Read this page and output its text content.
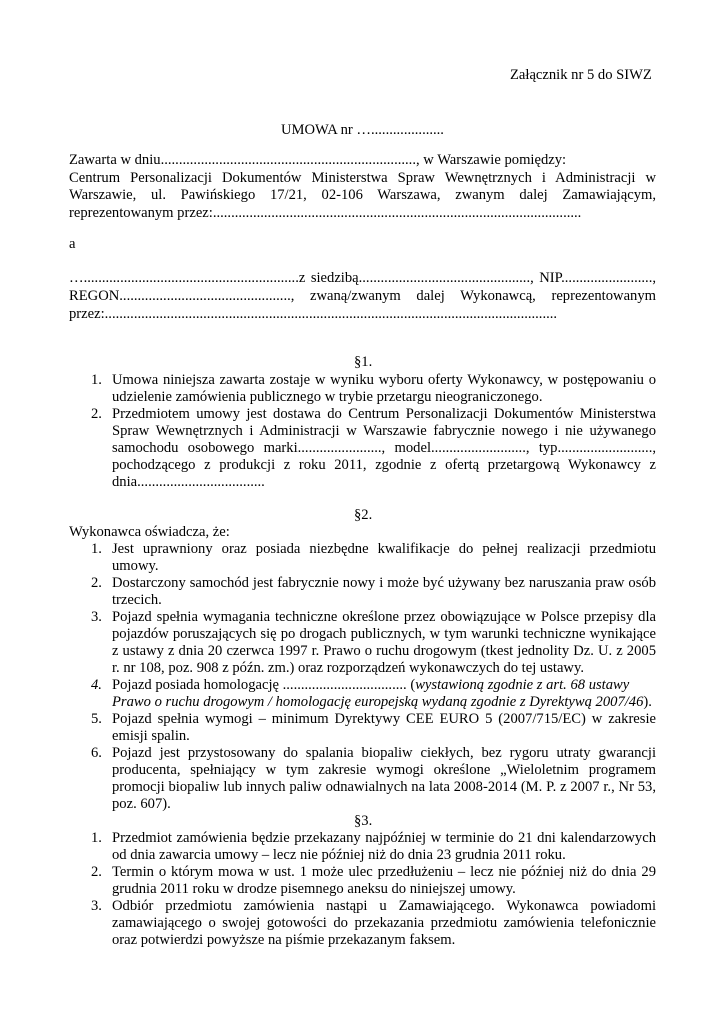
Załącznik nr 5 do SIWZ
UMOWA nr …....................
Zawarta w dniu......................................................................, w Warszawie pomiędzy:
Centrum Personalizacji Dokumentów Ministerstwa Spraw Wewnętrznych i Administracji w
Warszawie, ul. Pawińskiego 17/21, 02-106 Warszawa, zwanym dalej Zamawiającym,
reprezentowanym przez:.....................................................................................................
a
…...........................................................z siedzibą..............................................., NIP.........................,
REGON..............................................., zwaną/zwanym dalej Wykonawcą, reprezentowanym
przez:............................................................................................................................
§1.
1. Umowa niniejsza zawarta zostaje w wyniku wyboru oferty Wykonawcy, w postępowaniu o
udzielenie zamówienia publicznego w trybie przetargu nieograniczonego.
2. Przedmiotem umowy jest dostawa do Centrum Personalizacji Dokumentów Ministerstwa
Spraw Wewnętrznych i Administracji w Warszawie fabrycznie nowego i nie używanego
samochodu osobowego marki......................., model.........................., typ..........................,
pochodzącego z produkcji z roku 2011, zgodnie z ofertą przetargową Wykonawcy z
dnia...................................
§2.
Wykonawca oświadcza, że:
1. Jest uprawniony oraz posiada niezbędne kwalifikacje do pełnej realizacji przedmiotu
umowy.
2. Dostarczony samochód jest fabrycznie nowy i może być używany bez naruszania praw osób
trzecich.
3. Pojazd spełnia wymagania techniczne określone przez obowiązujące w Polsce przepisy dla
pojazdów poruszających się po drogach publicznych, w tym warunki techniczne wynikające
z ustawy z dnia 20 czerwca 1997 r. Prawo o ruchu drogowym (tkest jednolity Dz. U. z 2005
r. nr 108, poz. 908 z późn. zm.) oraz rozporządzeń wykonawczych do tej ustawy.
4. Pojazd posiada homologację .................................. (wystawioną zgodnie z art. 68 ustawy
Prawo o ruchu drogowym / homologację europejską wydaną zgodnie z Dyrektywą 2007/46).
5. Pojazd spełnia wymogi – minimum Dyrektywy CEE EURO 5 (2007/715/EC) w zakresie
emisji spalin.
6. Pojazd jest przystosowany do spalania biopaliw ciekłych, bez rygoru utraty gwarancji
producenta, spełniający w tym zakresie wymogi określone „Wieloletnim programem
promocji biopaliw lub innych paliw odnawialnych na lata 2008-2014 (M. P. z 2007 r., Nr 53,
poz. 607).
§3.
1. Przedmiot zamówienia będzie przekazany najpóźniej w terminie do 21 dni kalendarzowych
od dnia zawarcia umowy – lecz nie później niż do dnia 23 grudnia 2011 roku.
2. Termin o którym mowa w ust. 1 może ulec przedłużeniu – lecz nie później niż do dnia 29
grudnia 2011 roku w drodze pisemnego aneksu do niniejszej umowy.
3. Odbiór przedmiotu zamówienia nastąpi u Zamawiającego. Wykonawca powiadomi
zamawiającego o swojej gotowości do przekazania przedmiotu zamówienia telefonicznie
oraz potwierdzi powyższe na piśmie przekazanym faksem.
